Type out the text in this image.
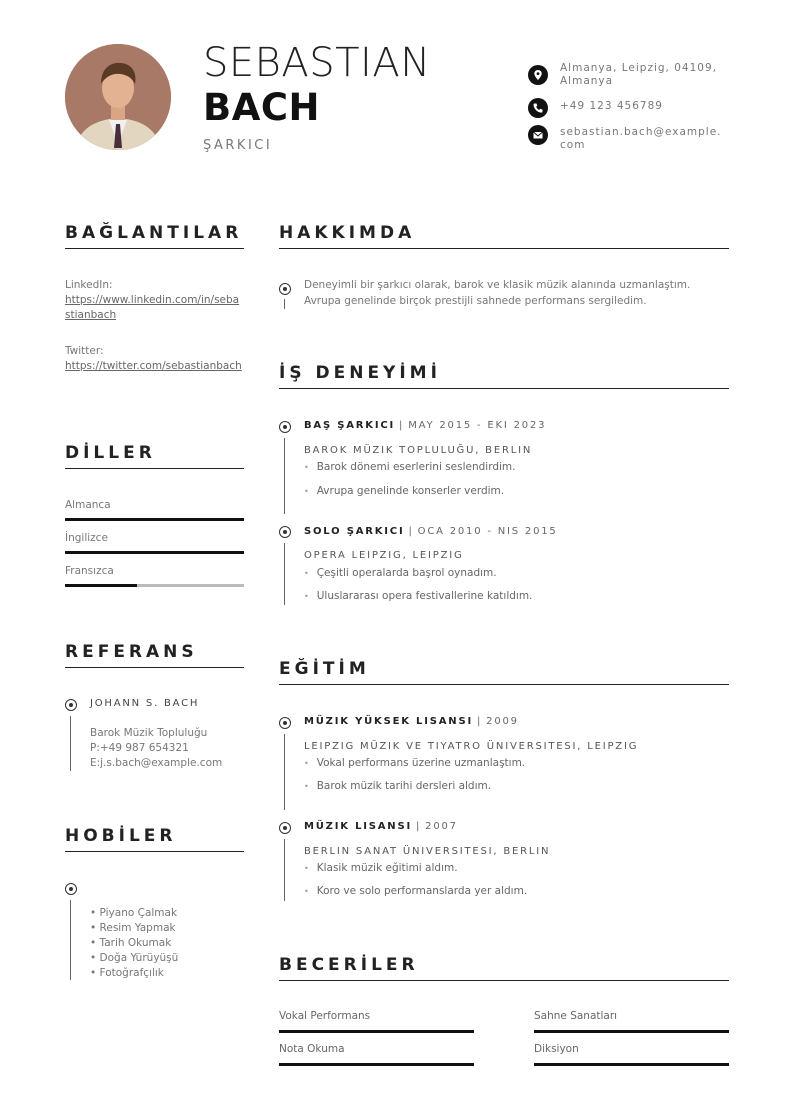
SEBASTIAN
BACH
ŞARKICI
Almanya, Leipzig, 04109, Almanya
+49 123 456789
sebastian.bach@example.com
BAĞLANTILAR
LinkedIn:
https://www.linkedin.com/in/sebastianbach
Twitter:
https://twitter.com/sebastianbach
DİLLER
Almanca
İngilizce
Fransızca
REFERANS
JOHANN S. BACH
Barok Müzik Topluluğu
P:+49 987 654321
E:j.s.bach@example.com
HOBİLER
• Piyano Çalmak
• Resim Yapmak
• Tarih Okumak
• Doğa Yürüyüşü
• Fotoğrafçılık
HAKKIMDA
Deneyimli bir şarkıcı olarak, barok ve klasik müzik alanında uzmanlaştım.
Avrupa genelinde birçok prestijli sahnede performans sergiledim.
İŞ DENEYİMİ
BAŞ ŞARKICI | MAY 2015 - EKI 2023
BAROK MÜZIK TOPLULUĞU, BERLIN
• Barok dönemi eserlerini seslendirdim.
• Avrupa genelinde konserler verdim.
SOLO ŞARKICI | OCA 2010 - NIS 2015
OPERA LEIPZIG, LEIPZIG
• Çeşitli operalarda başrol oynadım.
• Uluslararası opera festivallerine katıldım.
EĞİTİM
MÜZIK YÜKSEK LISANSI | 2009
LEIPZIG MÜZIK VE TIYATRO ÜNIVERSITESI, LEIPZIG
• Vokal performans üzerine uzmanlaştım.
• Barok müzik tarihi dersleri aldım.
MÜZIK LISANSI | 2007
BERLIN SANAT ÜNIVERSITESI, BERLIN
• Klasik müzik eğitimi aldım.
• Koro ve solo performanslarda yer aldım.
BECERİLER
Vokal Performans	Sahne Sanatları
Nota Okuma	Diksiyon
